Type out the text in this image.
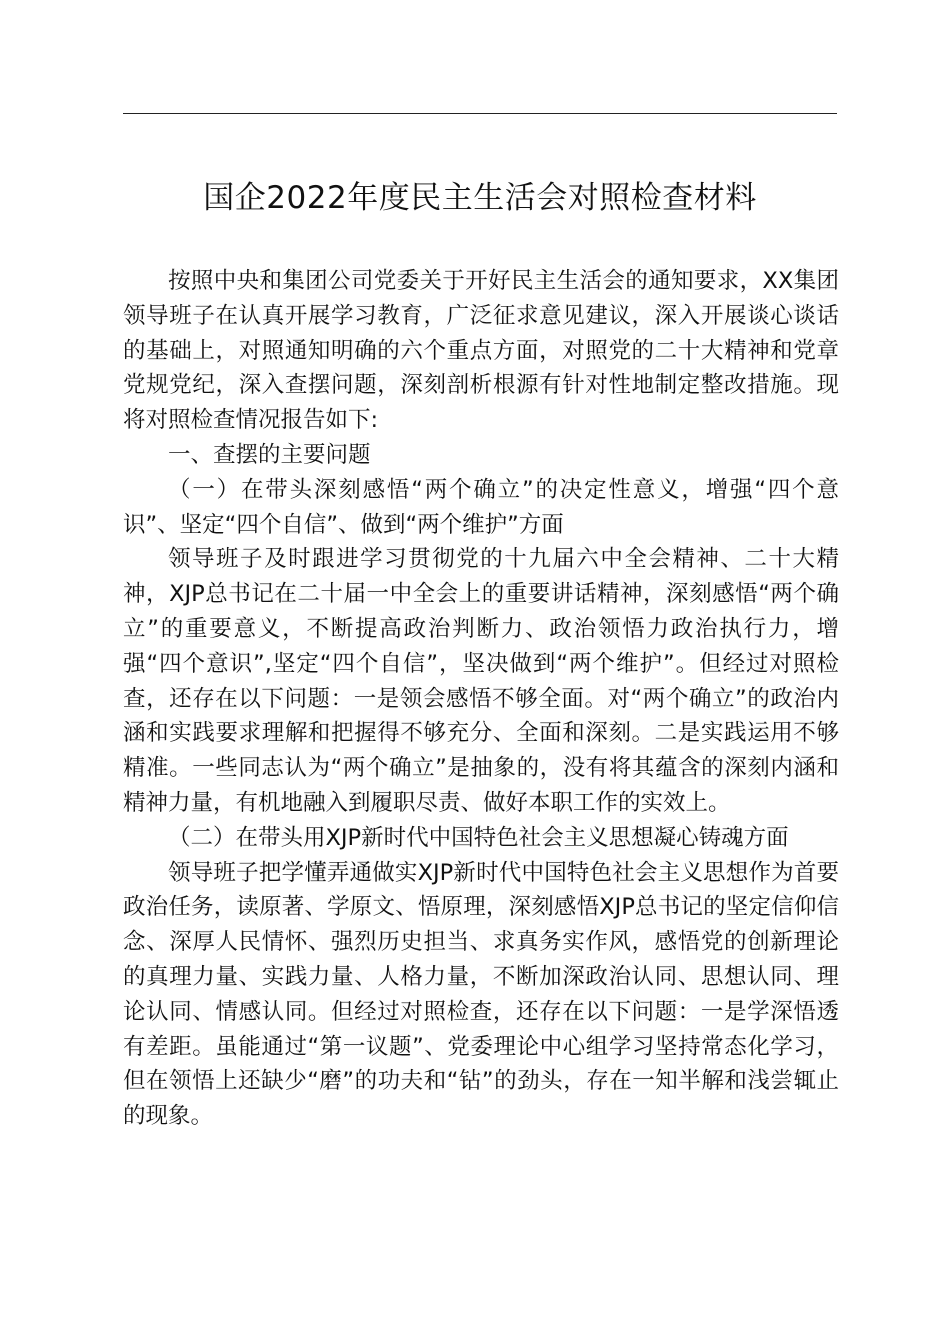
国企2022年度民主生活会对照检查材料

按照中央和集团公司党委关于开好民主生活会的通知要求，XX集团领导班子在认真开展学习教育，广泛征求意见建议，深入开展谈心谈话的基础上，对照通知明确的六个重点方面，对照党的二十大精神和党章党规党纪，深入查摆问题，深刻剖析根源有针对性地制定整改措施。现将对照检查情况报告如下:

一、查摆的主要问题

（一）在带头深刻感悟“两个确立”的决定性意义，增强“四个意识”、坚定“四个自信”、做到“两个维护”方面

领导班子及时跟进学习贯彻党的十九届六中全会精神、二十大精神，XJP总书记在二十届一中全会上的重要讲话精神，深刻感悟“两个确立”的重要意义，不断提高政治判断力、政治领悟力政治执行力，增强“四个意识”,坚定“四个自信”，坚决做到“两个维护”。但经过对照检查，还存在以下问题：一是领会感悟不够全面。对“两个确立”的政治内涵和实践要求理解和把握得不够充分、全面和深刻。二是实践运用不够精准。一些同志认为“两个确立”是抽象的，没有将其蕴含的深刻内涵和精神力量，有机地融入到履职尽责、做好本职工作的实效上。

（二）在带头用XJP新时代中国特色社会主义思想凝心铸魂方面

领导班子把学懂弄通做实XJP新时代中国特色社会主义思想作为首要政治任务，读原著、学原文、悟原理，深刻感悟XJP总书记的坚定信仰信念、深厚人民情怀、强烈历史担当、求真务实作风，感悟党的创新理论的真理力量、实践力量、人格力量，不断加深政治认同、思想认同、理论认同、情感认同。但经过对照检查，还存在以下问题：一是学深悟透有差距。虽能通过“第一议题”、党委理论中心组学习坚持常态化学习，但在领悟上还缺少“磨”的功夫和“钻”的劲头，存在一知半解和浅尝辄止的现象。
